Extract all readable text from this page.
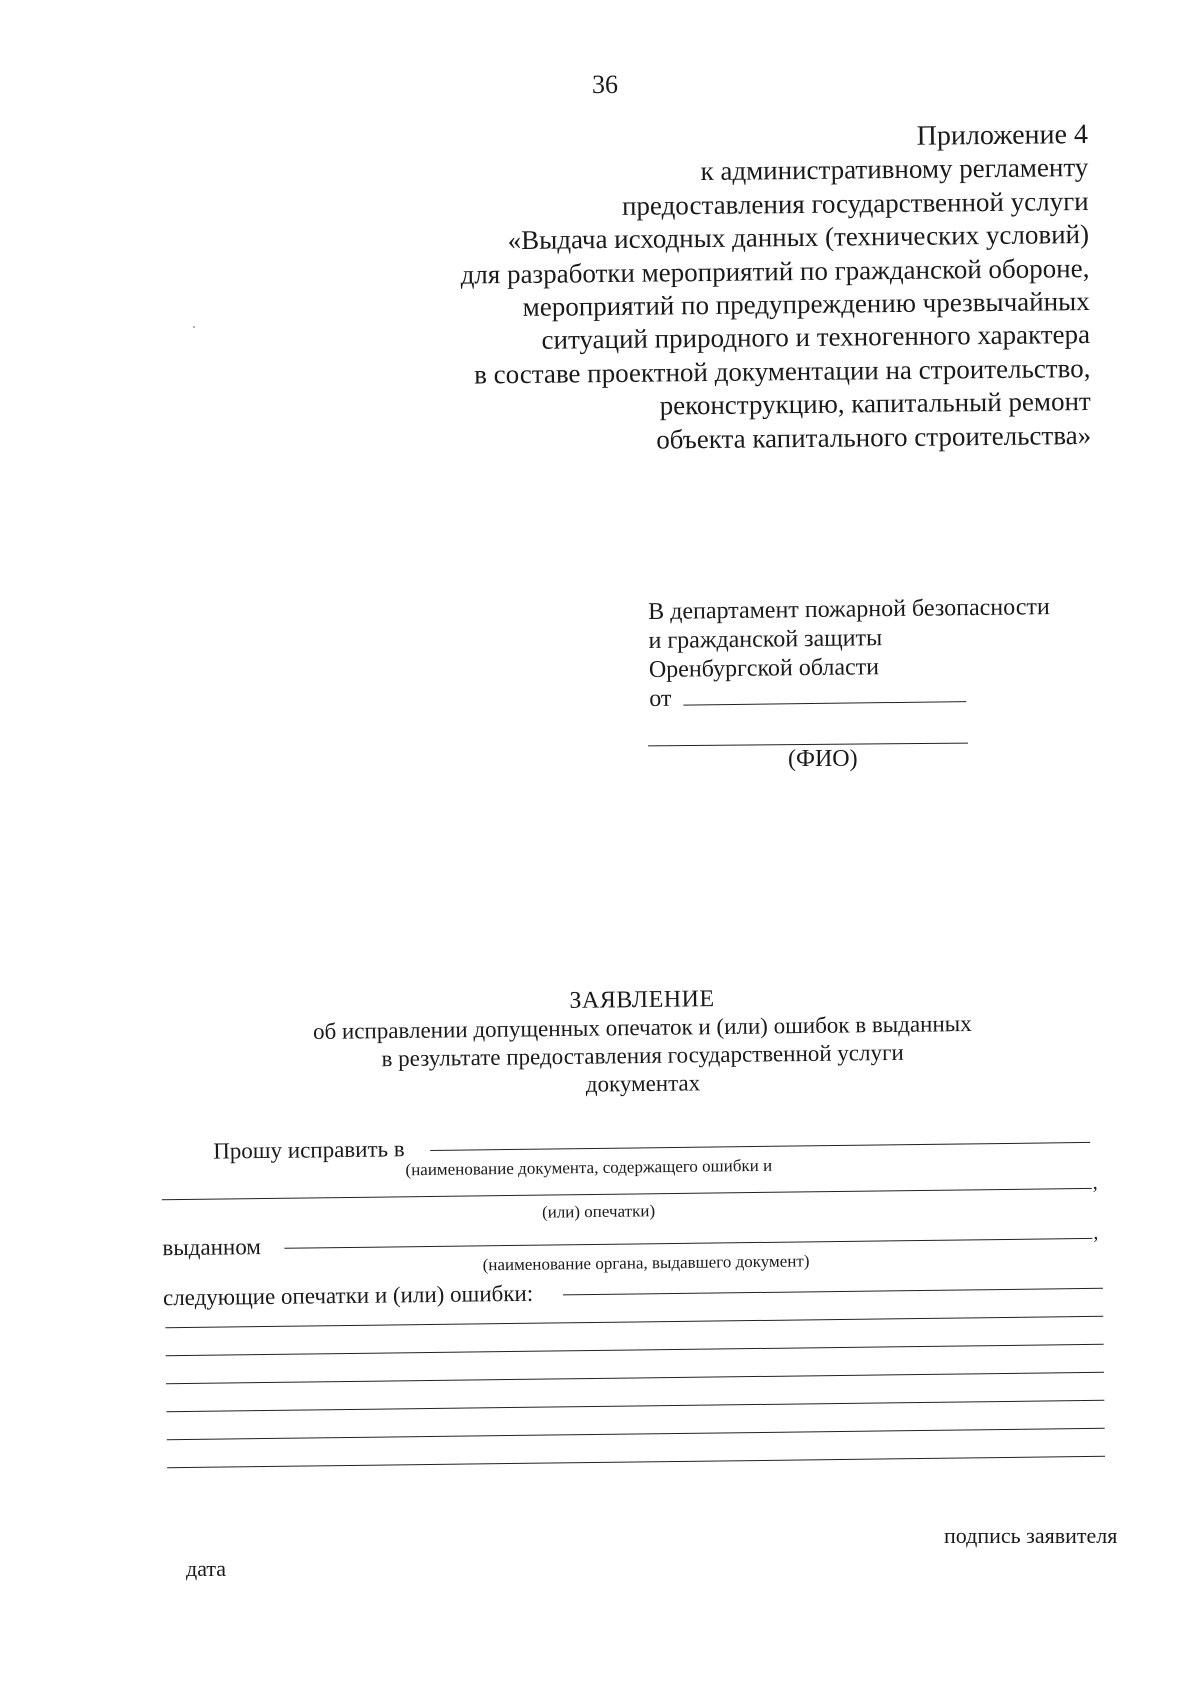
36
Приложение 4
к административному регламенту
предоставления государственной услуги
«Выдача исходных данных (технических условий)
для разработки мероприятий по гражданской обороне,
мероприятий по предупреждению чрезвычайных
ситуаций природного и техногенного характера
в составе проектной документации на строительство,
реконструкцию, капитальный ремонт
объекта капитального строительства»
В департамент пожарной безопасности
и гражданской защиты
Оренбургской области
от
(ФИО)
ЗАЯВЛЕНИЕ
об исправлении допущенных опечаток и (или) ошибок в выданных
в результате предоставления государственной услуги
документах
Прошу исправить в
(наименование документа, содержащего ошибки и
,
(или) опечатки)
выданном
,
(наименование органа, выдавшего документ)
следующие опечатки и (или) ошибки:
подпись заявителя
дата
